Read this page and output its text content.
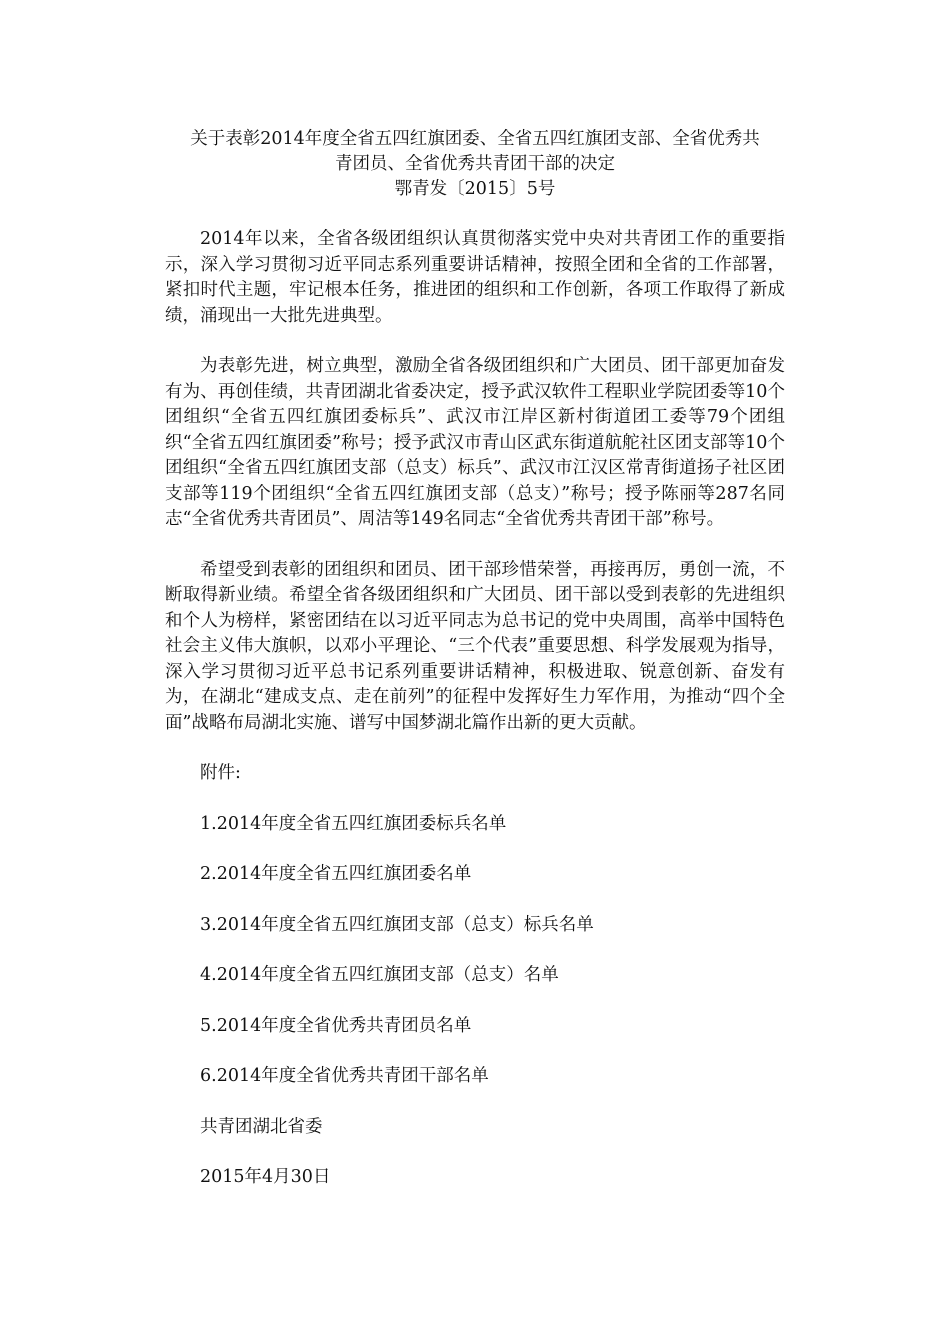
关于表彰2014年度全省五四红旗团委、全省五四红旗团支部、全省优秀共
青团员、全省优秀共青团干部的决定
鄂青发〔2015〕5号

2014年以来，全省各级团组织认真贯彻落实党中央对共青团工作的重要指示，深入学习贯彻习近平同志系列重要讲话精神，按照全团和全省的工作部署，紧扣时代主题，牢记根本任务，推进团的组织和工作创新，各项工作取得了新成绩，涌现出一大批先进典型。

为表彰先进，树立典型，激励全省各级团组织和广大团员、团干部更加奋发有为、再创佳绩，共青团湖北省委决定，授予武汉软件工程职业学院团委等10个团组织“全省五四红旗团委标兵”、武汉市江岸区新村街道团工委等79个团组织“全省五四红旗团委”称号；授予武汉市青山区武东街道航舵社区团支部等10个团组织“全省五四红旗团支部（总支）标兵”、武汉市江汉区常青街道扬子社区团支部等119个团组织“全省五四红旗团支部（总支）”称号；授予陈丽等287名同志“全省优秀共青团员”、周洁等149名同志“全省优秀共青团干部”称号。

希望受到表彰的团组织和团员、团干部珍惜荣誉，再接再厉，勇创一流，不断取得新业绩。希望全省各级团组织和广大团员、团干部以受到表彰的先进组织和个人为榜样，紧密团结在以习近平同志为总书记的党中央周围，高举中国特色社会主义伟大旗帜，以邓小平理论、“三个代表”重要思想、科学发展观为指导，深入学习贯彻习近平总书记系列重要讲话精神，积极进取、锐意创新、奋发有为，在湖北“建成支点、走在前列”的征程中发挥好生力军作用，为推动“四个全面”战略布局湖北实施、谱写中国梦湖北篇作出新的更大贡献。

附件:

1.2014年度全省五四红旗团委标兵名单

2.2014年度全省五四红旗团委名单

3.2014年度全省五四红旗团支部（总支）标兵名单

4.2014年度全省五四红旗团支部（总支）名单

5.2014年度全省优秀共青团员名单

6.2014年度全省优秀共青团干部名单

共青团湖北省委

2015年4月30日
